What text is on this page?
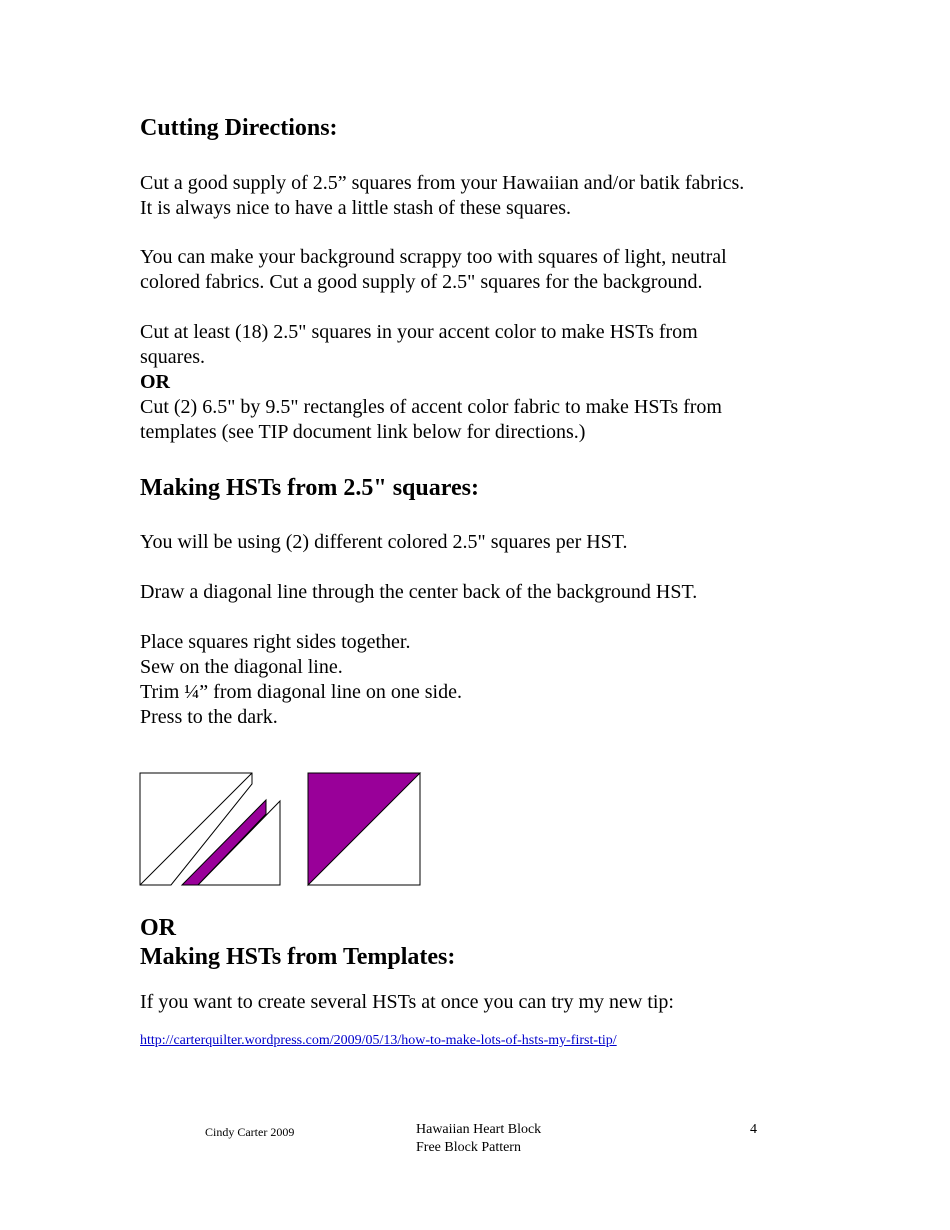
Cutting Directions:
Cut a good supply of 2.5” squares from your Hawaiian and/or batik fabrics.
It is always nice to have a little stash of these squares.
You can make your background scrappy too with squares of light, neutral
colored fabrics. Cut a good supply of 2.5" squares for the background.
Cut at least (18) 2.5" squares in your accent color to make HSTs from
squares.
OR
Cut (2) 6.5" by 9.5" rectangles of accent color fabric to make HSTs from
templates (see TIP document link below for directions.)
Making HSTs from 2.5" squares:
You will be using (2) different colored 2.5" squares per HST.
Draw a diagonal line through the center back of the background HST.
Place squares right sides together.
Sew on the diagonal line.
Trim ¼” from diagonal line on one side.
Press to the dark.
OR
Making HSTs from Templates:
If you want to create several HSTs at once you can try my new tip:
http://carterquilter.wordpress.com/2009/05/13/how-to-make-lots-of-hsts-my-first-tip/
Cindy Carter 2009	Hawaiian Heart Block
Free Block Pattern
4
